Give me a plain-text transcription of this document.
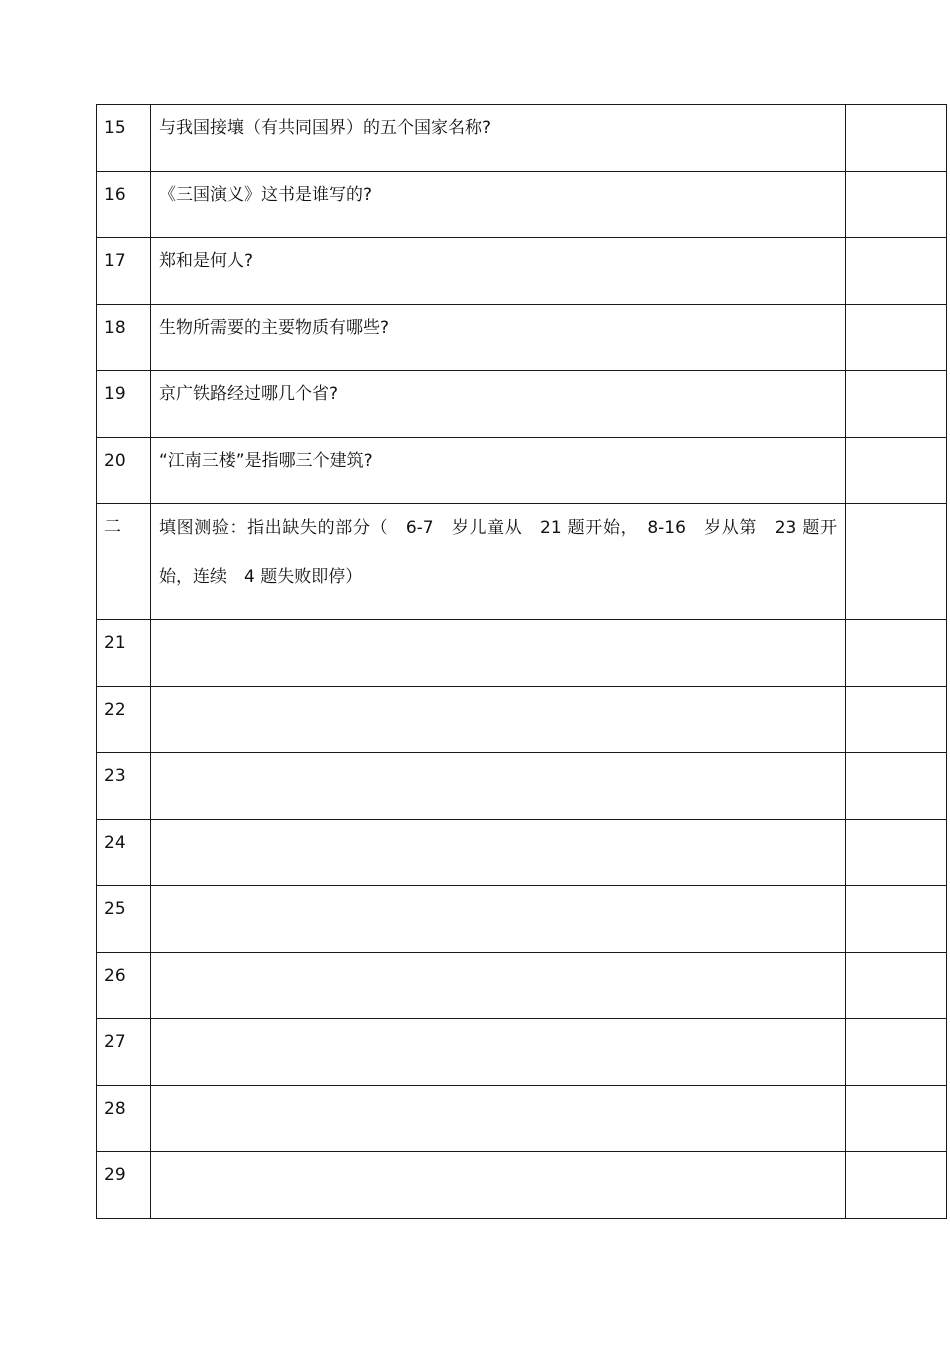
15	与我国接壤（有共同国界）的五个国家名称?	
16	《三国演义》这书是谁写的?	
17	郑和是何人?	
18	生物所需要的主要物质有哪些?	
19	京广铁路经过哪几个省?	
20	“江南三楼”是指哪三个建筑?	
二	填图测验：指出缺失的部分（　6-7　岁儿童从　21 题开始，　8-16　岁从第　23 题开始，连续　4 题失败即停）	
21		
22		
23		
24		
25		
26		
27		
28		
29		
